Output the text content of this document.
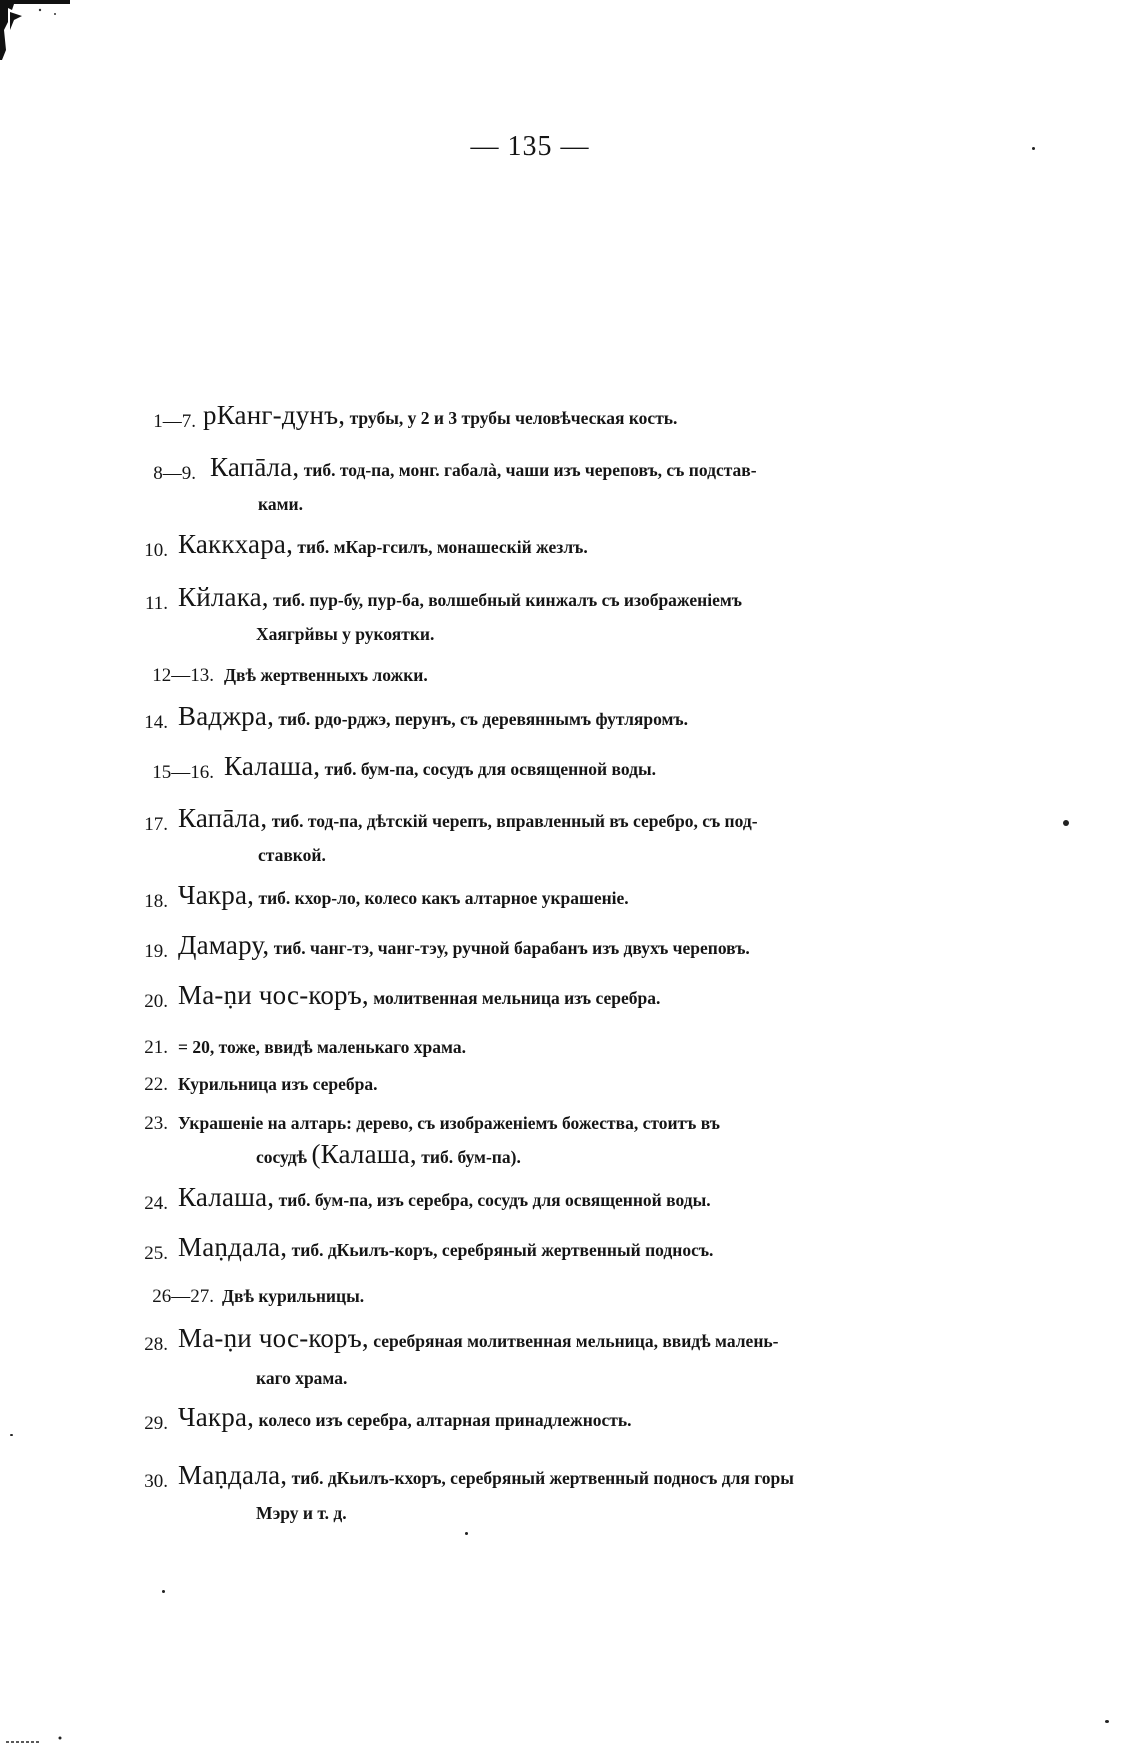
— 135 —
1—7. рКанг-дунъ, трубы, у 2 и 3 трубы человѣческая кость.
8—9. Капāла, тиб. тод-па, монг. габалà, чаши изъ череповъ, съ подстав-
ками.
10. Каккхара, тиб. мКар-гсилъ, монашескій жезлъ.
11. Кйлака, тиб. пур-бу, пур-ба, волшебный кинжалъ съ изображеніемъ
Хаягрйвы у рукоятки.
12—13. Двѣ жертвенныхъ ложки.
14. Ваджра, тиб. рдо-рджэ, перунъ, съ деревяннымъ футляромъ.
15—16. Калаша, тиб. бум-па, сосудъ для освященной воды.
17. Капāла, тиб. тод-па, дѣтскій черепъ, вправленный въ серебро, съ под-
ставкой.
18. Чакра, тиб. кхор-ло, колесо какъ алтарное украшеніе.
19. Дамару, тиб. чанг-тэ, чанг-тэу, ручной барабанъ изъ двухъ череповъ.
20. Ма-ṇи чос-коръ, молитвенная мельница изъ серебра.
21. = 20, тоже, ввидѣ маленькаго храма.
22. Курильница изъ серебра.
23. Украшеніе на алтарь: дерево, съ изображеніемъ божества, стоитъ въ
сосудѣ (Калаша, тиб. бум-па).
24. Калаша, тиб. бум-па, изъ серебра, сосудъ для освященной воды.
25. Маṇдала, тиб. дКьилъ-коръ, серебряный жертвенный подносъ.
26—27. Двѣ курильницы.
28. Ма-ṇи чос-коръ, серебряная молитвенная мельница, ввидѣ малень-
каго храма.
29. Чакра, колесо изъ серебра, алтарная принадлежность.
30. Маṇдала, тиб. дКьилъ-кхоръ, серебряный жертвенный подносъ для горы
Мэру и т. д.
